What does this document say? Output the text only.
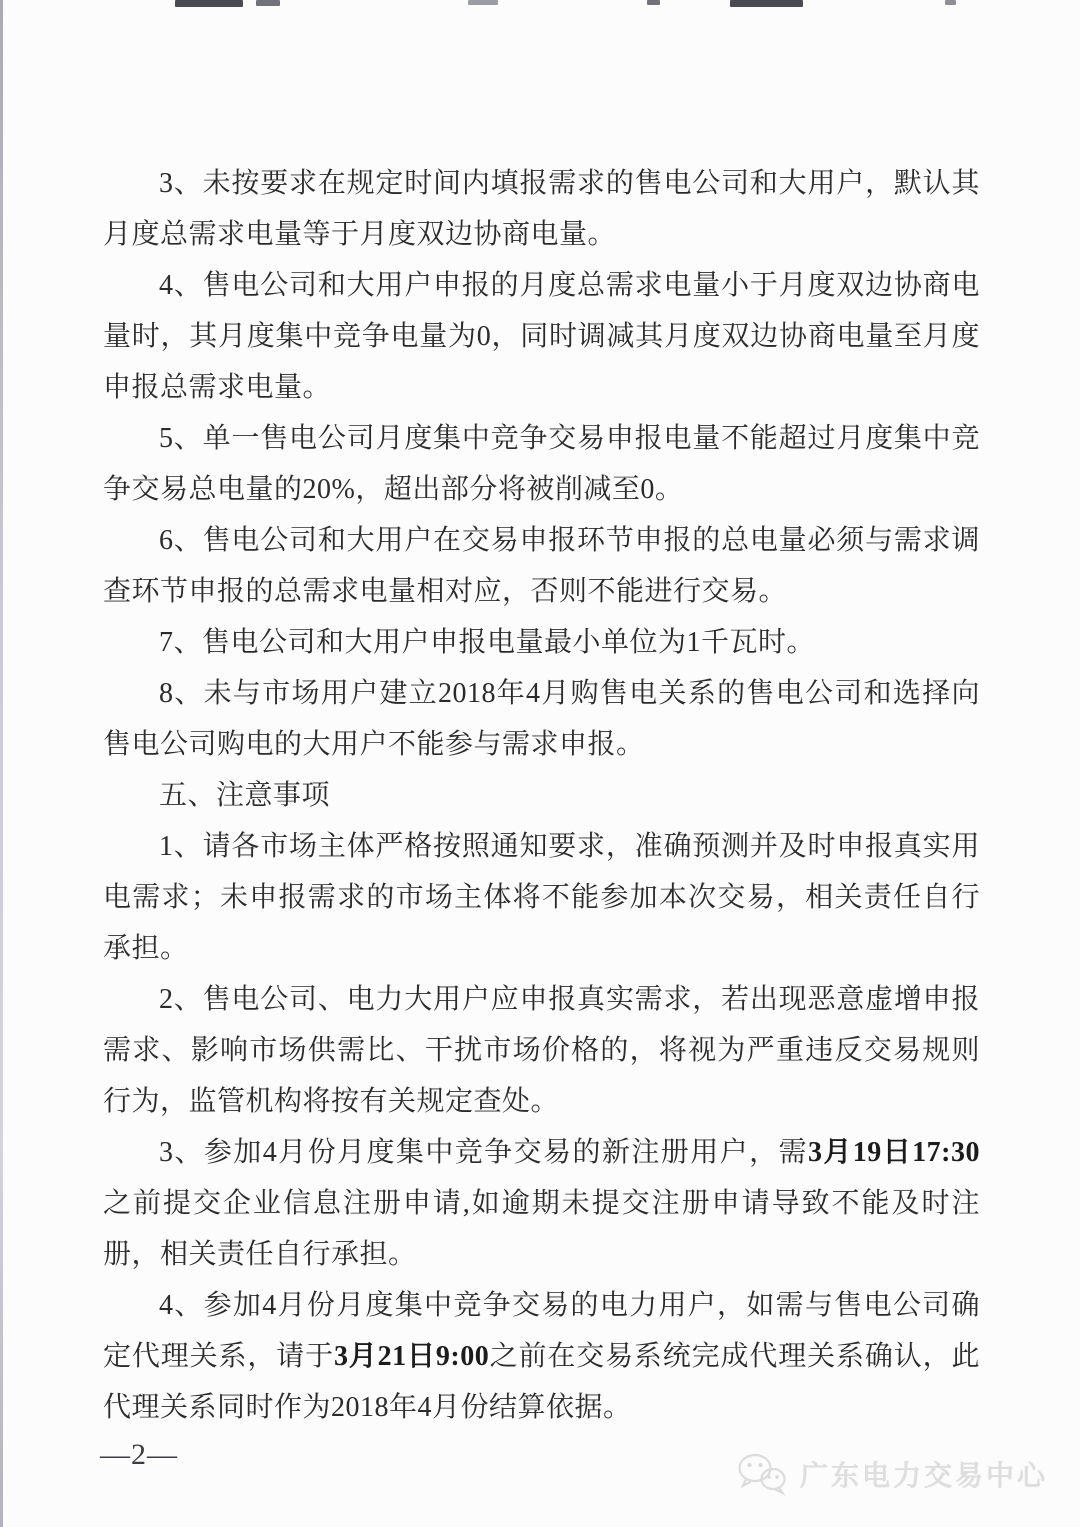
3、未按要求在规定时间内填报需求的售电公司和大用户，默认其月度总需求电量等于月度双边协商电量。

4、售电公司和大用户申报的月度总需求电量小于月度双边协商电量时，其月度集中竞争电量为0，同时调减其月度双边协商电量至月度申报总需求电量。

5、单一售电公司月度集中竞争交易申报电量不能超过月度集中竞争交易总电量的20%，超出部分将被削减至0。

6、售电公司和大用户在交易申报环节申报的总电量必须与需求调查环节申报的总需求电量相对应，否则不能进行交易。

7、售电公司和大用户申报电量最小单位为1千瓦时。

8、未与市场用户建立2018年4月购售电关系的售电公司和选择向售电公司购电的大用户不能参与需求申报。

五、注意事项

1、请各市场主体严格按照通知要求，准确预测并及时申报真实用电需求；未申报需求的市场主体将不能参加本次交易，相关责任自行承担。

2、售电公司、电力大用户应申报真实需求，若出现恶意虚增申报需求、影响市场供需比、干扰市场价格的，将视为严重违反交易规则行为，监管机构将按有关规定查处。

3、参加4月份月度集中竞争交易的新注册用户，需3月19日17:30之前提交企业信息注册申请,如逾期未提交注册申请导致不能及时注册，相关责任自行承担。

4、参加4月份月度集中竞争交易的电力用户，如需与售电公司确定代理关系，请于3月21日9:00之前在交易系统完成代理关系确认，此代理关系同时作为2018年4月份结算依据。

—2—
广东电力交易中心
